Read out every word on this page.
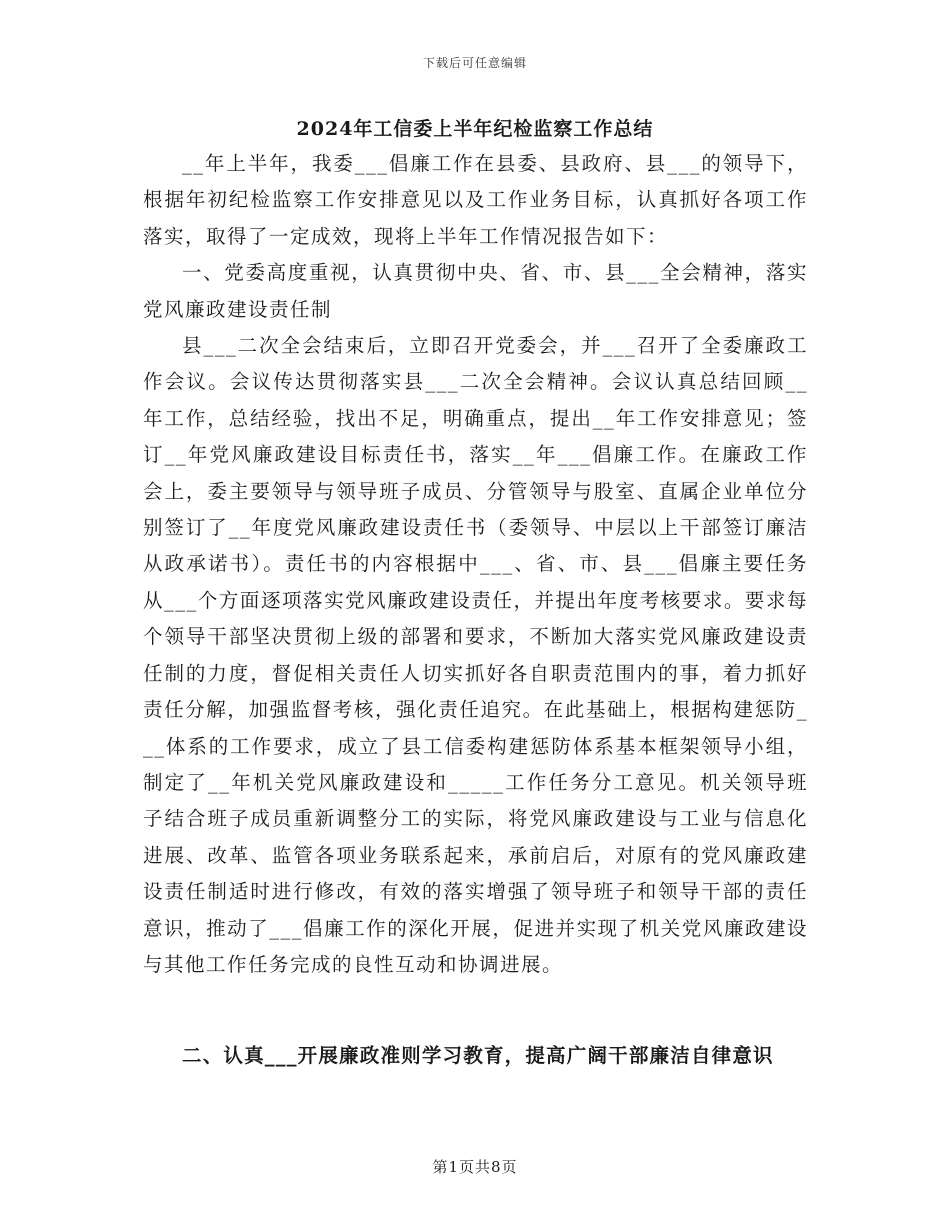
下载后可任意编辑
2024年工信委上半年纪检监察工作总结

__年上半年，我委___倡廉工作在县委、县政府、县___的领导下，根据年初纪检监察工作安排意见以及工作业务目标，认真抓好各项工作落实，取得了一定成效，现将上半年工作情况报告如下：

一、党委高度重视，认真贯彻中央、省、市、县___全会精神，落实党风廉政建设责任制

县___二次全会结束后，立即召开党委会，并___召开了全委廉政工作会议。会议传达贯彻落实县___二次全会精神。会议认真总结回顾__年工作，总结经验，找出不足，明确重点，提出__年工作安排意见；签订__年党风廉政建设目标责任书，落实__年___倡廉工作。在廉政工作会上，委主要领导与领导班子成员、分管领导与股室、直属企业单位分别签订了__年度党风廉政建设责任书（委领导、中层以上干部签订廉洁从政承诺书）。责任书的内容根据中___、省、市、县___倡廉主要任务从___个方面逐项落实党风廉政建设责任，并提出年度考核要求。要求每个领导干部坚决贯彻上级的部署和要求，不断加大落实党风廉政建设责任制的力度，督促相关责任人切实抓好各自职责范围内的事，着力抓好责任分解，加强监督考核，强化责任追究。在此基础上，根据构建惩防___体系的工作要求，成立了县工信委构建惩防体系基本框架领导小组，制定了__年机关党风廉政建设和_____工作任务分工意见。机关领导班子结合班子成员重新调整分工的实际，将党风廉政建设与工业与信息化进展、改革、监管各项业务联系起来，承前启后，对原有的党风廉政建设责任制适时进行修改，有效的落实增强了领导班子和领导干部的责任意识，推动了___倡廉工作的深化开展，促进并实现了机关党风廉政建设与其他工作任务完成的良性互动和协调进展。

二、认真___开展廉政准则学习教育，提高广阔干部廉洁自律意识
第1页共8页
